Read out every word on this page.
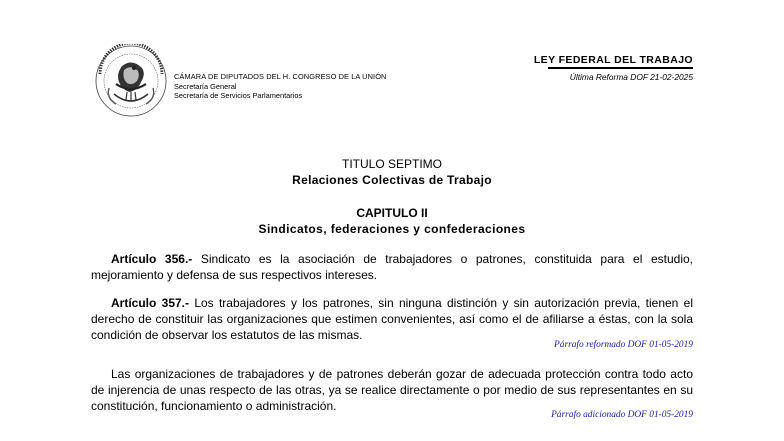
CÁMARA DE DIPUTADOS DEL H. CONGRESO DE LA UNIÓN
Secretaría General
Secretaría de Servicios Parlamentarios
LEY FEDERAL DEL TRABAJO
Última Reforma DOF 21-02-2025
TITULO SEPTIMO
Relaciones Colectivas de Trabajo
CAPITULO II
Sindicatos, federaciones y confederaciones
Artículo 356.- Sindicato es la asociación de trabajadores o patrones, constituida para el estudio, mejoramiento y defensa de sus respectivos intereses.
Artículo 357.- Los trabajadores y los patrones, sin ninguna distinción y sin autorización previa, tienen el derecho de constituir las organizaciones que estimen convenientes, así como el de afiliarse a éstas, con la sola condición de observar los estatutos de las mismas.
Párrafo reformado DOF 01-05-2019
Las organizaciones de trabajadores y de patrones deberán gozar de adecuada protección contra todo acto de injerencia de unas respecto de las otras, ya se realice directamente o por medio de sus representantes en su constitución, funcionamiento o administración.
Párrafo adicionado DOF 01-05-2019
